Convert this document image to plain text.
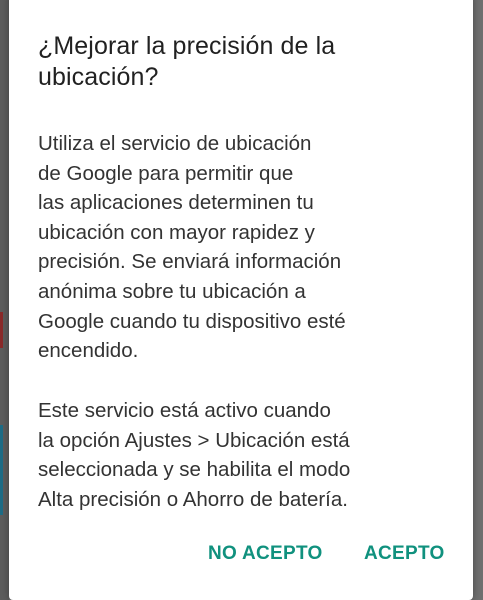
¿Mejorar la precisión de la
ubicación?

Utiliza el servicio de ubicación
de Google para permitir que
las aplicaciones determinen tu
ubicación con mayor rapidez y
precisión. Se enviará información
anónima sobre tu ubicación a
Google cuando tu dispositivo esté
encendido.

Este servicio está activo cuando
la opción Ajustes > Ubicación está
seleccionada y se habilita el modo
Alta precisión o Ahorro de batería.

NO ACEPTO ACEPTO
